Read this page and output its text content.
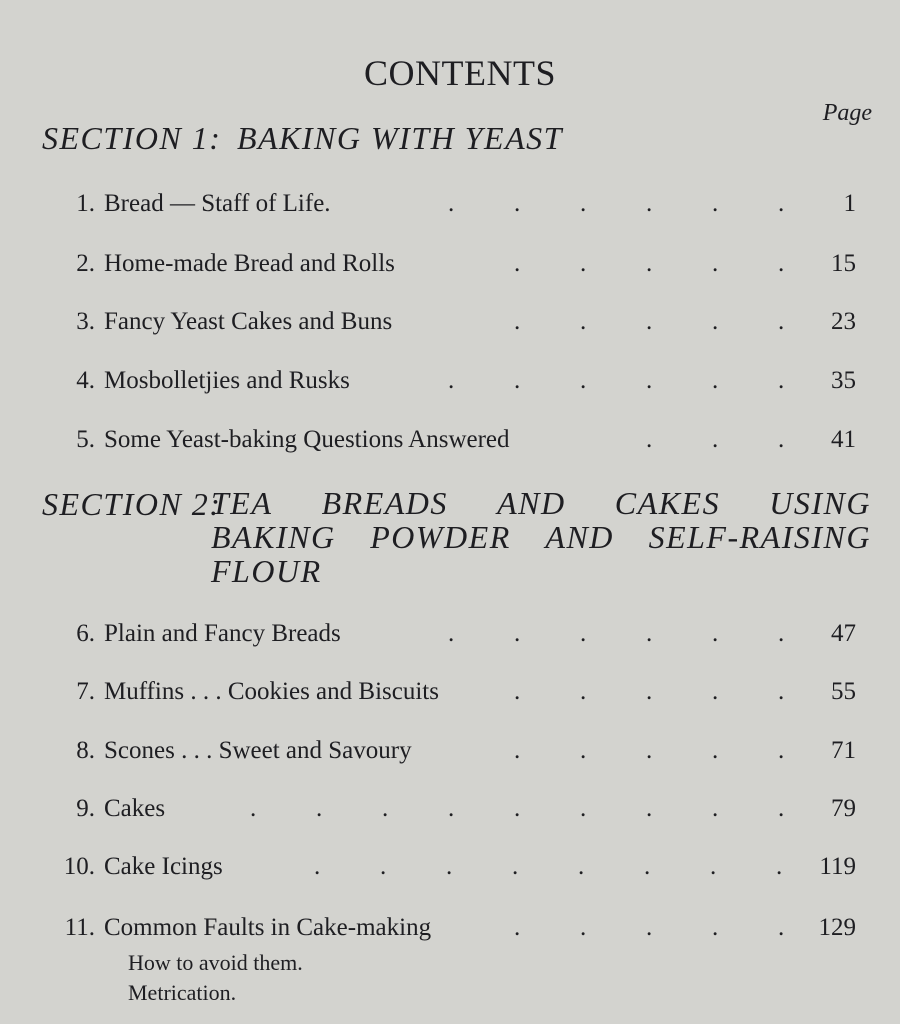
CONTENTS
Page
SECTION 1: BAKING WITH YEAST
1. Bread — Staff of Life.	. . . . . . 1
2. Home-made Bread and Rolls	. . . . . 15
3. Fancy Yeast Cakes and Buns	. . . . . 23
4. Mosbolletjies and Rusks	. . . . . . 35
5. Some Yeast-baking Questions Answered	. . . 41
SECTION 2:
TEA BREADS AND CAKES USING
BAKING POWDER AND SELF-RAISING
FLOUR
6. Plain and Fancy Breads	. . . . . . 47
7. Muffins . . . Cookies and Biscuits	. . . . . 55
8. Scones . . . Sweet and Savoury	. . . . . 71
9. Cakes	. . . . . . . . . 79
10. Cake Icings	. . . . . . . . 119
11. Common Faults in Cake-making	. . . . . 129
How to avoid them.
Metrication.
